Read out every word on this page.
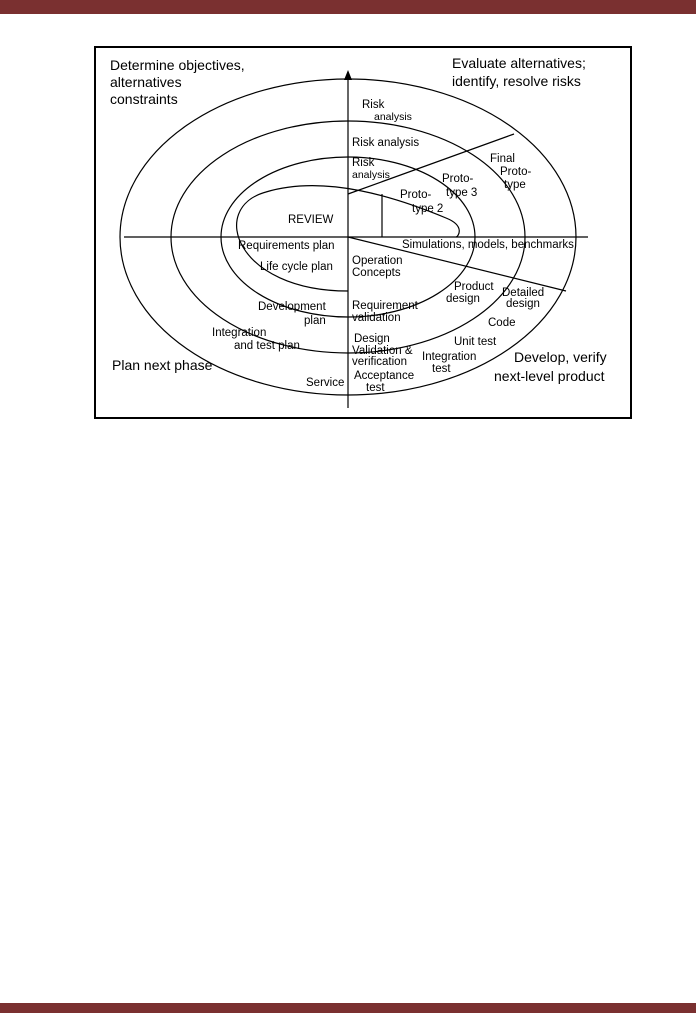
Determine objectives, alternatives constraints
Evaluate alternatives; identify, resolve risks
Plan next phase	Develop, verify next-level product
Risk analysis
Risk analysis
Risk analysis
REVIEW
Proto- type 2
Proto- type 3
Final Proto- type
Requirements plan
Life cycle plan
Development plan
Integration and test plan
Service
Simulations, models, benchmarks
Operation Concepts
Requirement validation
Design Validation & verification
Acceptance test
Product design	Detailed design
Code
Unit test
Integration test
